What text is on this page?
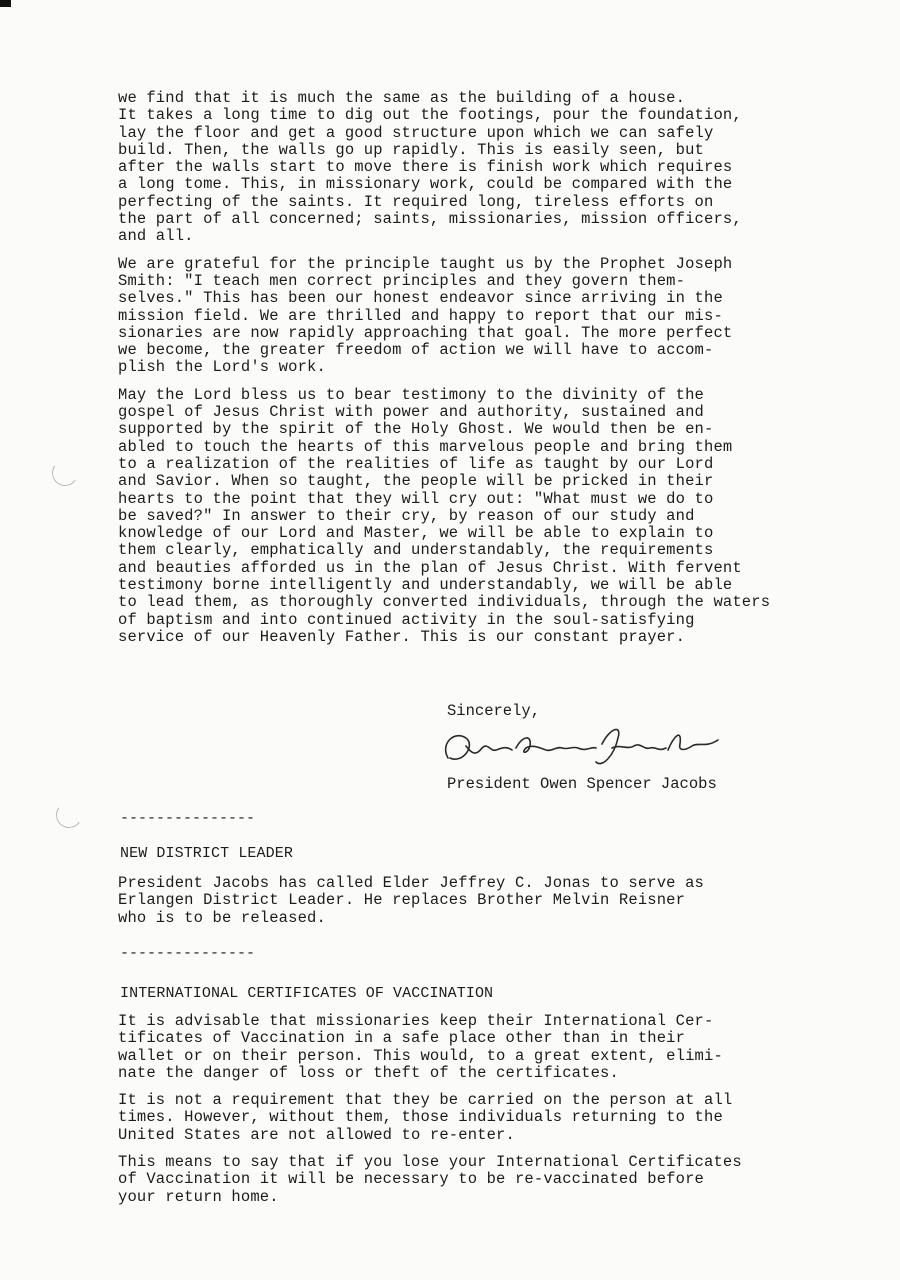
we find that it is much the same as the building of a house.
It takes a long time to dig out the footings, pour the foundation,
lay the floor and get a good structure upon which we can safely
build. Then, the walls go up rapidly. This is easily seen, but
after the walls start to move there is finish work which requires
a long tome. This, in missionary work, could be compared with the
perfecting of the saints. It required long, tireless efforts on
the part of all concerned; saints, missionaries, mission officers,
and all.

We are grateful for the principle taught us by the Prophet Joseph
Smith: "I teach men correct principles and they govern them-
selves." This has been our honest endeavor since arriving in the
mission field. We are thrilled and happy to report that our mis-
sionaries are now rapidly approaching that goal. The more perfect
we become, the greater freedom of action we will have to accom-
plish the Lord's work.

May the Lord bless us to bear testimony to the divinity of the
gospel of Jesus Christ with power and authority, sustained and
supported by the spirit of the Holy Ghost. We would then be en-
abled to touch the hearts of this marvelous people and bring them
to a realization of the realities of life as taught by our Lord
and Savior. When so taught, the people will be pricked in their
hearts to the point that they will cry out: "What must we do to
be saved?" In answer to their cry, by reason of our study and
knowledge of our Lord and Master, we will be able to explain to
them clearly, emphatically and understandably, the requirements
and beauties afforded us in the plan of Jesus Christ. With fervent
testimony borne intelligently and understandably, we will be able
to lead them, as thoroughly converted individuals, through the waters
of baptism and into continued activity in the soul-satisfying
service of our Heavenly Father. This is our constant prayer.

Sincerely,
President Owen Spencer Jacobs
---------------
NEW DISTRICT LEADER

President Jacobs has called Elder Jeffrey C. Jonas to serve as
Erlangen District Leader. He replaces Brother Melvin Reisner
who is to be released.

---------------
INTERNATIONAL CERTIFICATES OF VACCINATION

It is advisable that missionaries keep their International Cer-
tificates of Vaccination in a safe place other than in their
wallet or on their person. This would, to a great extent, elimi-
nate the danger of loss or theft of the certificates.

It is not a requirement that they be carried on the person at all
times. However, without them, those individuals returning to the
United States are not allowed to re-enter.

This means to say that if you lose your International Certificates
of Vaccination it will be necessary to be re-vaccinated before
your return home.
